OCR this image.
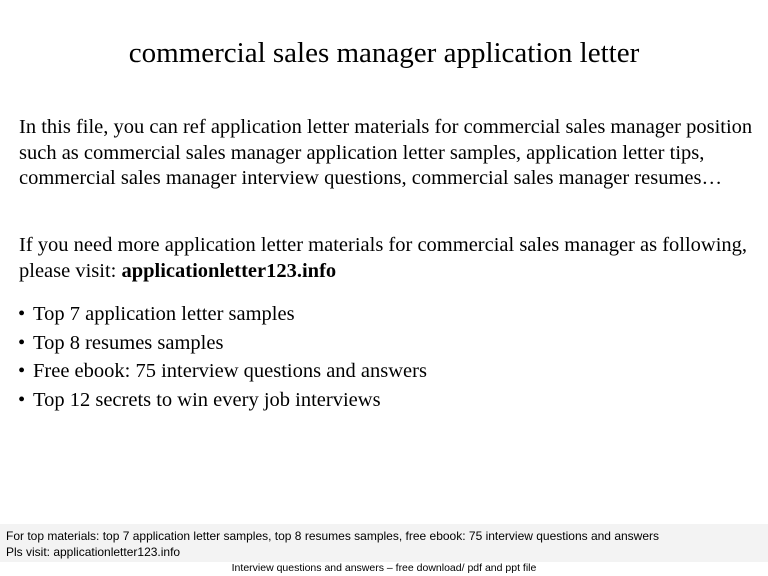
commercial sales manager application letter

In this file, you can ref application letter materials for commercial sales manager position such as commercial sales manager application letter samples, application letter tips, commercial sales manager interview questions, commercial sales manager resumes…

If you need more application letter materials for commercial sales manager as following, please visit: applicationletter123.info

• Top 7 application letter samples
• Top 8 resumes samples
• Free ebook: 75 interview questions and answers
• Top 12 secrets to win every job interviews
For top materials: top 7 application letter samples, top 8 resumes samples, free ebook: 75 interview questions and answers
Pls visit: applicationletter123.info
Interview questions and answers – free download/ pdf and ppt file
